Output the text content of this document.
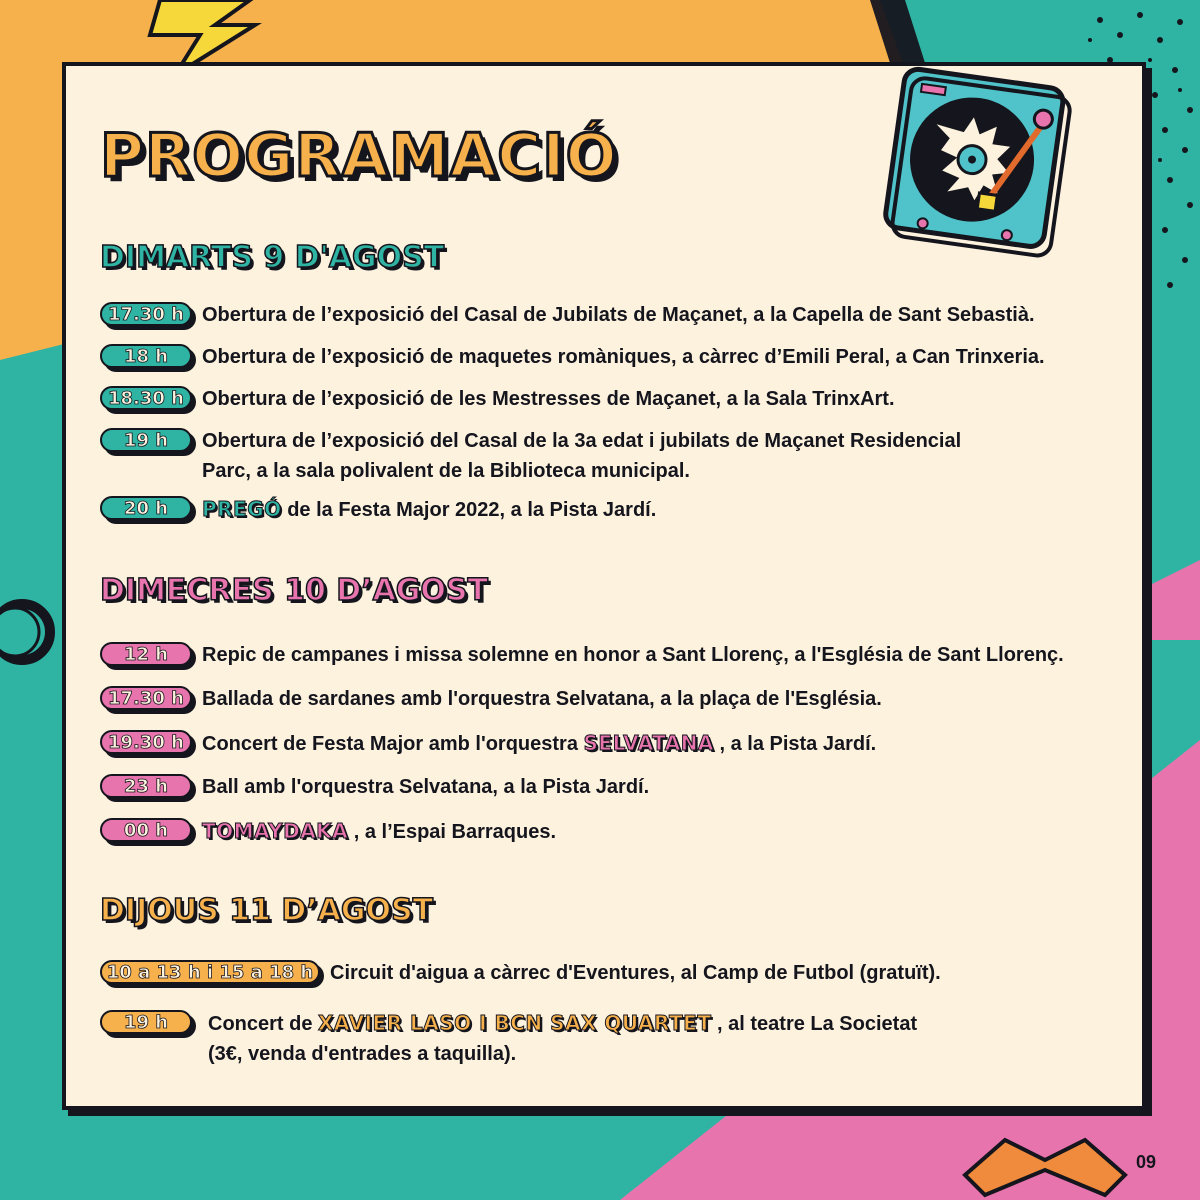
PROGRAMACIÓ
DIMARTS 9 D'AGOST
17.30 h Obertura de l’exposició del Casal de Jubilats de Maçanet, a la Capella de Sant Sebastià.
18 h	Obertura de l’exposició de maquetes romàniques, a càrrec d’Emili Peral, a Can Trinxeria.
18.30 h Obertura de l’exposició de les Mestresses de Maçanet, a la Sala TrinxArt.
19 h	Obertura de l’exposició del Casal de la 3a edat i jubilats de Maçanet Residencial
Parc, a la sala polivalent de la Biblioteca municipal.
20 h	PREGÓ de la Festa Major 2022, a la Pista Jardí.
DIMECRES 10 D’AGOST
12 h	Repic de campanes i missa solemne en honor a Sant Llorenç, a l'Església de Sant Llorenç.
17.30 h Ballada de sardanes amb l'orquestra Selvatana, a la plaça de l'Església.
19.30 h Concert de Festa Major amb l'orquestra SELVATANA , a la Pista Jardí.
23 h	Ball amb l'orquestra Selvatana, a la Pista Jardí.
00 h	TOMAYDAKA , a l’Espai Barraques.
DIJOUS 11 D’AGOST
10 a 13 h i 15 a 18 h Circuit d'aigua a càrrec d'Eventures, al Camp de Futbol (gratuït).
19 h	Concert de XAVIER LASO I BCN SAX QUARTET , al teatre La Societat
(3€, venda d'entrades a taquilla).
09
